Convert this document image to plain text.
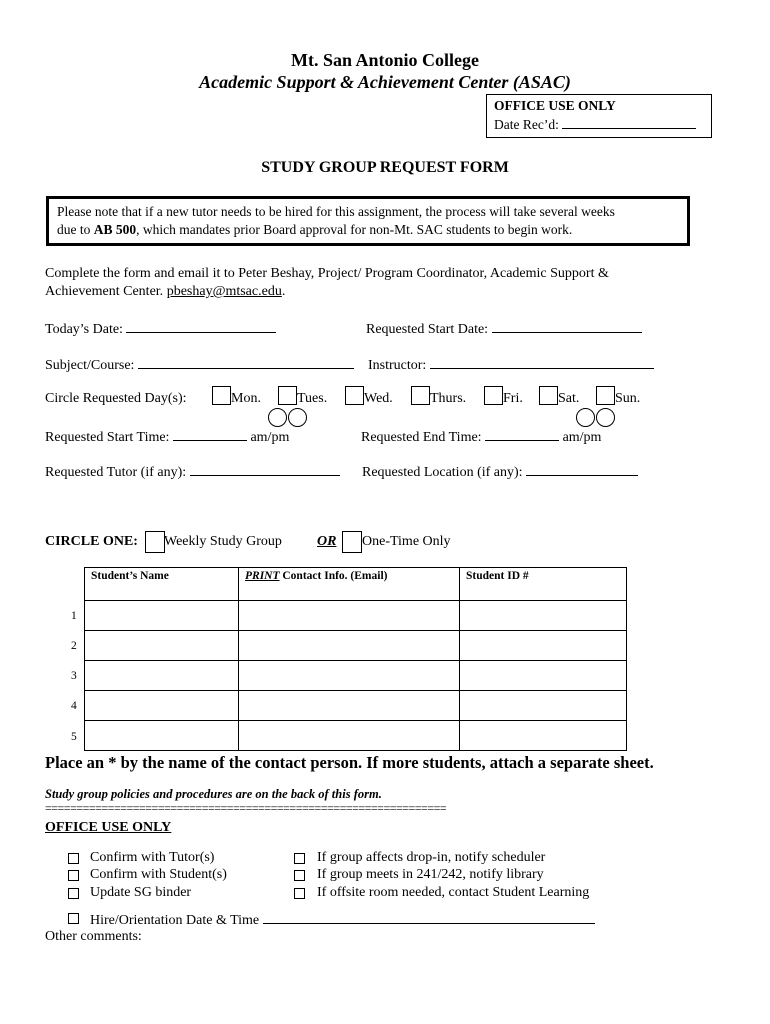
Mt. San Antonio College
Academic Support & Achievement Center (ASAC)
OFFICE USE ONLY
Date Rec’d:
STUDY GROUP REQUEST FORM
Please note that if a new tutor needs to be hired for this assignment, the process will take several weeks
due to AB 500, which mandates prior Board approval for non-Mt. SAC students to begin work.
Complete the form and email it to Peter Beshay, Project/ Program Coordinator, Academic Support &
Achievement Center. pbeshay@mtsac.edu.
Today’s Date:	Requested Start Date:
Subject/Course:	Instructor:
Circle Requested Day(s):	Mon.	Tues.	Wed.	Thurs.	Fri.	Sat.	Sun.
Requested Start Time:	am/pm	Requested End Time:	am/pm
Requested Tutor (if any):	Requested Location (if any):
CIRCLE ONE: Weekly Study Group	OR One-Time Only
Student’s Name	PRINT Contact Info. (Email)	Student ID #

1
2
3
4
5
Place an * by the name of the contact person. If more students, attach a separate sheet.
Study group policies and procedures are on the back of this form.
================================================================
OFFICE USE ONLY
Confirm with Tutor(s)
Confirm with Student(s)
Update SG binder
If group affects drop-in, notify scheduler
If group meets in 241/242, notify library
If offsite room needed, contact Student Learning
Hire/Orientation Date & Time
Other comments:
